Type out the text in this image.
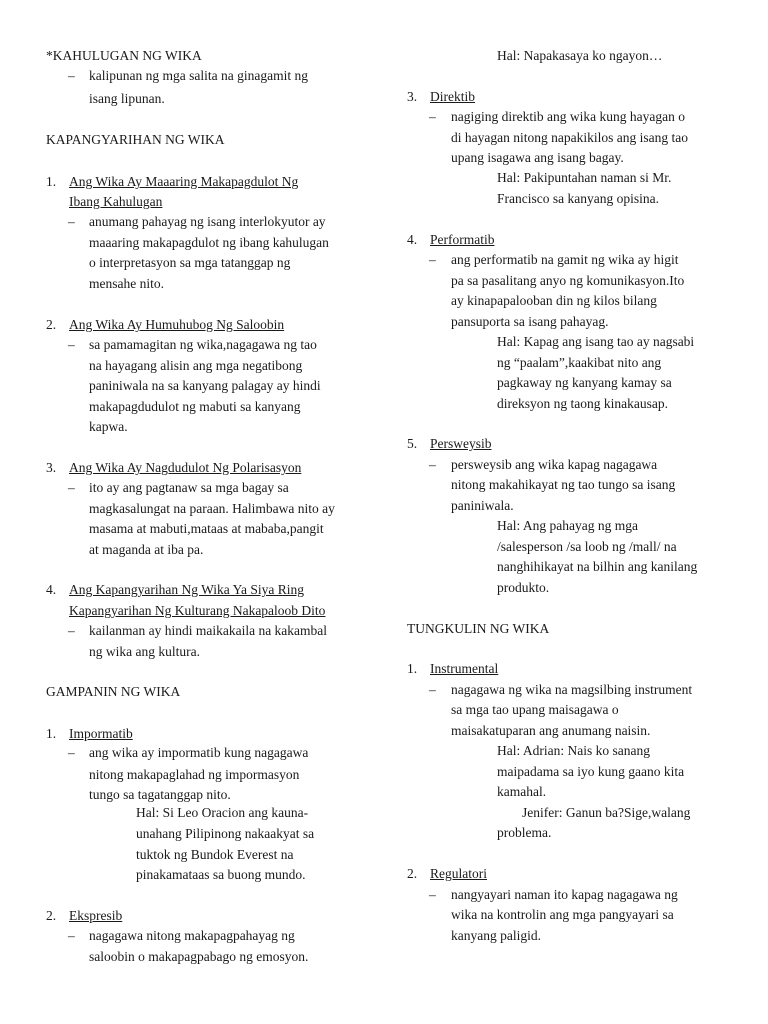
*KAHULUGAN NG WIKA
– kalipunan ng mga salita na ginagamit ng
isang lipunan.
KAPANGYARIHAN NG WIKA
1. Ang Wika Ay Maaaring Makapagdulot Ng
Ibang Kahulugan
– anumang pahayag ng isang interlokyutor ay
maaaring makapagdulot ng ibang kahulugan
o interpretasyon sa mga tatanggap ng
mensahe nito.
2. Ang Wika Ay Humuhubog Ng Saloobin
– sa pamamagitan ng wika,nagagawa ng tao
na hayagang alisin ang mga negatibong
paniniwala na sa kanyang palagay ay hindi
makapagdudulot ng mabuti sa kanyang
kapwa.
3. Ang Wika Ay Nagdudulot Ng Polarisasyon
– ito ay ang pagtanaw sa mga bagay sa
magkasalungat na paraan. Halimbawa nito ay
masama at mabuti,mataas at mababa,pangit
at maganda at iba pa.
4. Ang Kapangyarihan Ng Wika Ya Siya Ring
Kapangyarihan Ng Kulturang Nakapaloob Dito
– kailanman ay hindi maikakaila na kakambal
ng wika ang kultura.
GAMPANIN NG WIKA
1. Impormatib
– ang wika ay impormatib kung nagagawa
nitong makapaglahad ng impormasyon
tungo sa tagatanggap nito.
Hal: Si Leo Oracion ang kauna-
unahang Pilipinong nakaakyat sa
tuktok ng Bundok Everest na
pinakamataas sa buong mundo.
2. Ekspresib
– nagagawa nitong makapagpahayag ng
saloobin o makapagpabago ng emosyon.
Hal: Napakasaya ko ngayon…
3. Direktib
– nagiging direktib ang wika kung hayagan o
di hayagan nitong napakikilos ang isang tao
upang isagawa ang isang bagay.
Hal: Pakipuntahan naman si Mr.
Francisco sa kanyang opisina.
4. Performatib
– ang performatib na gamit ng wika ay higit
pa sa pasalitang anyo ng komunikasyon.Ito
ay kinapapalooban din ng kilos bilang
pansuporta sa isang pahayag.
Hal: Kapag ang isang tao ay nagsabi
ng “paalam”,kaakibat nito ang
pagkaway ng kanyang kamay sa
direksyon ng taong kinakausap.
5. Persweysib
– persweysib ang wika kapag nagagawa
nitong makahikayat ng tao tungo sa isang
paniniwala.
Hal: Ang pahayag ng mga
/salesperson /sa loob ng /mall/ na
nanghihikayat na bilhin ang kanilang
produkto.
TUNGKULIN NG WIKA
1. Instrumental
– nagagawa ng wika na magsilbing instrument
sa mga tao upang maisagawa o
maisakatuparan ang anumang naisin.
Hal: Adrian: Nais ko sanang
maipadama sa iyo kung gaano kita
kamahal.
Jenifer: Ganun ba?Sige,walang
problema.
2. Regulatori
– nangyayari naman ito kapag nagagawa ng
wika na kontrolin ang mga pangyayari sa
kanyang paligid.
